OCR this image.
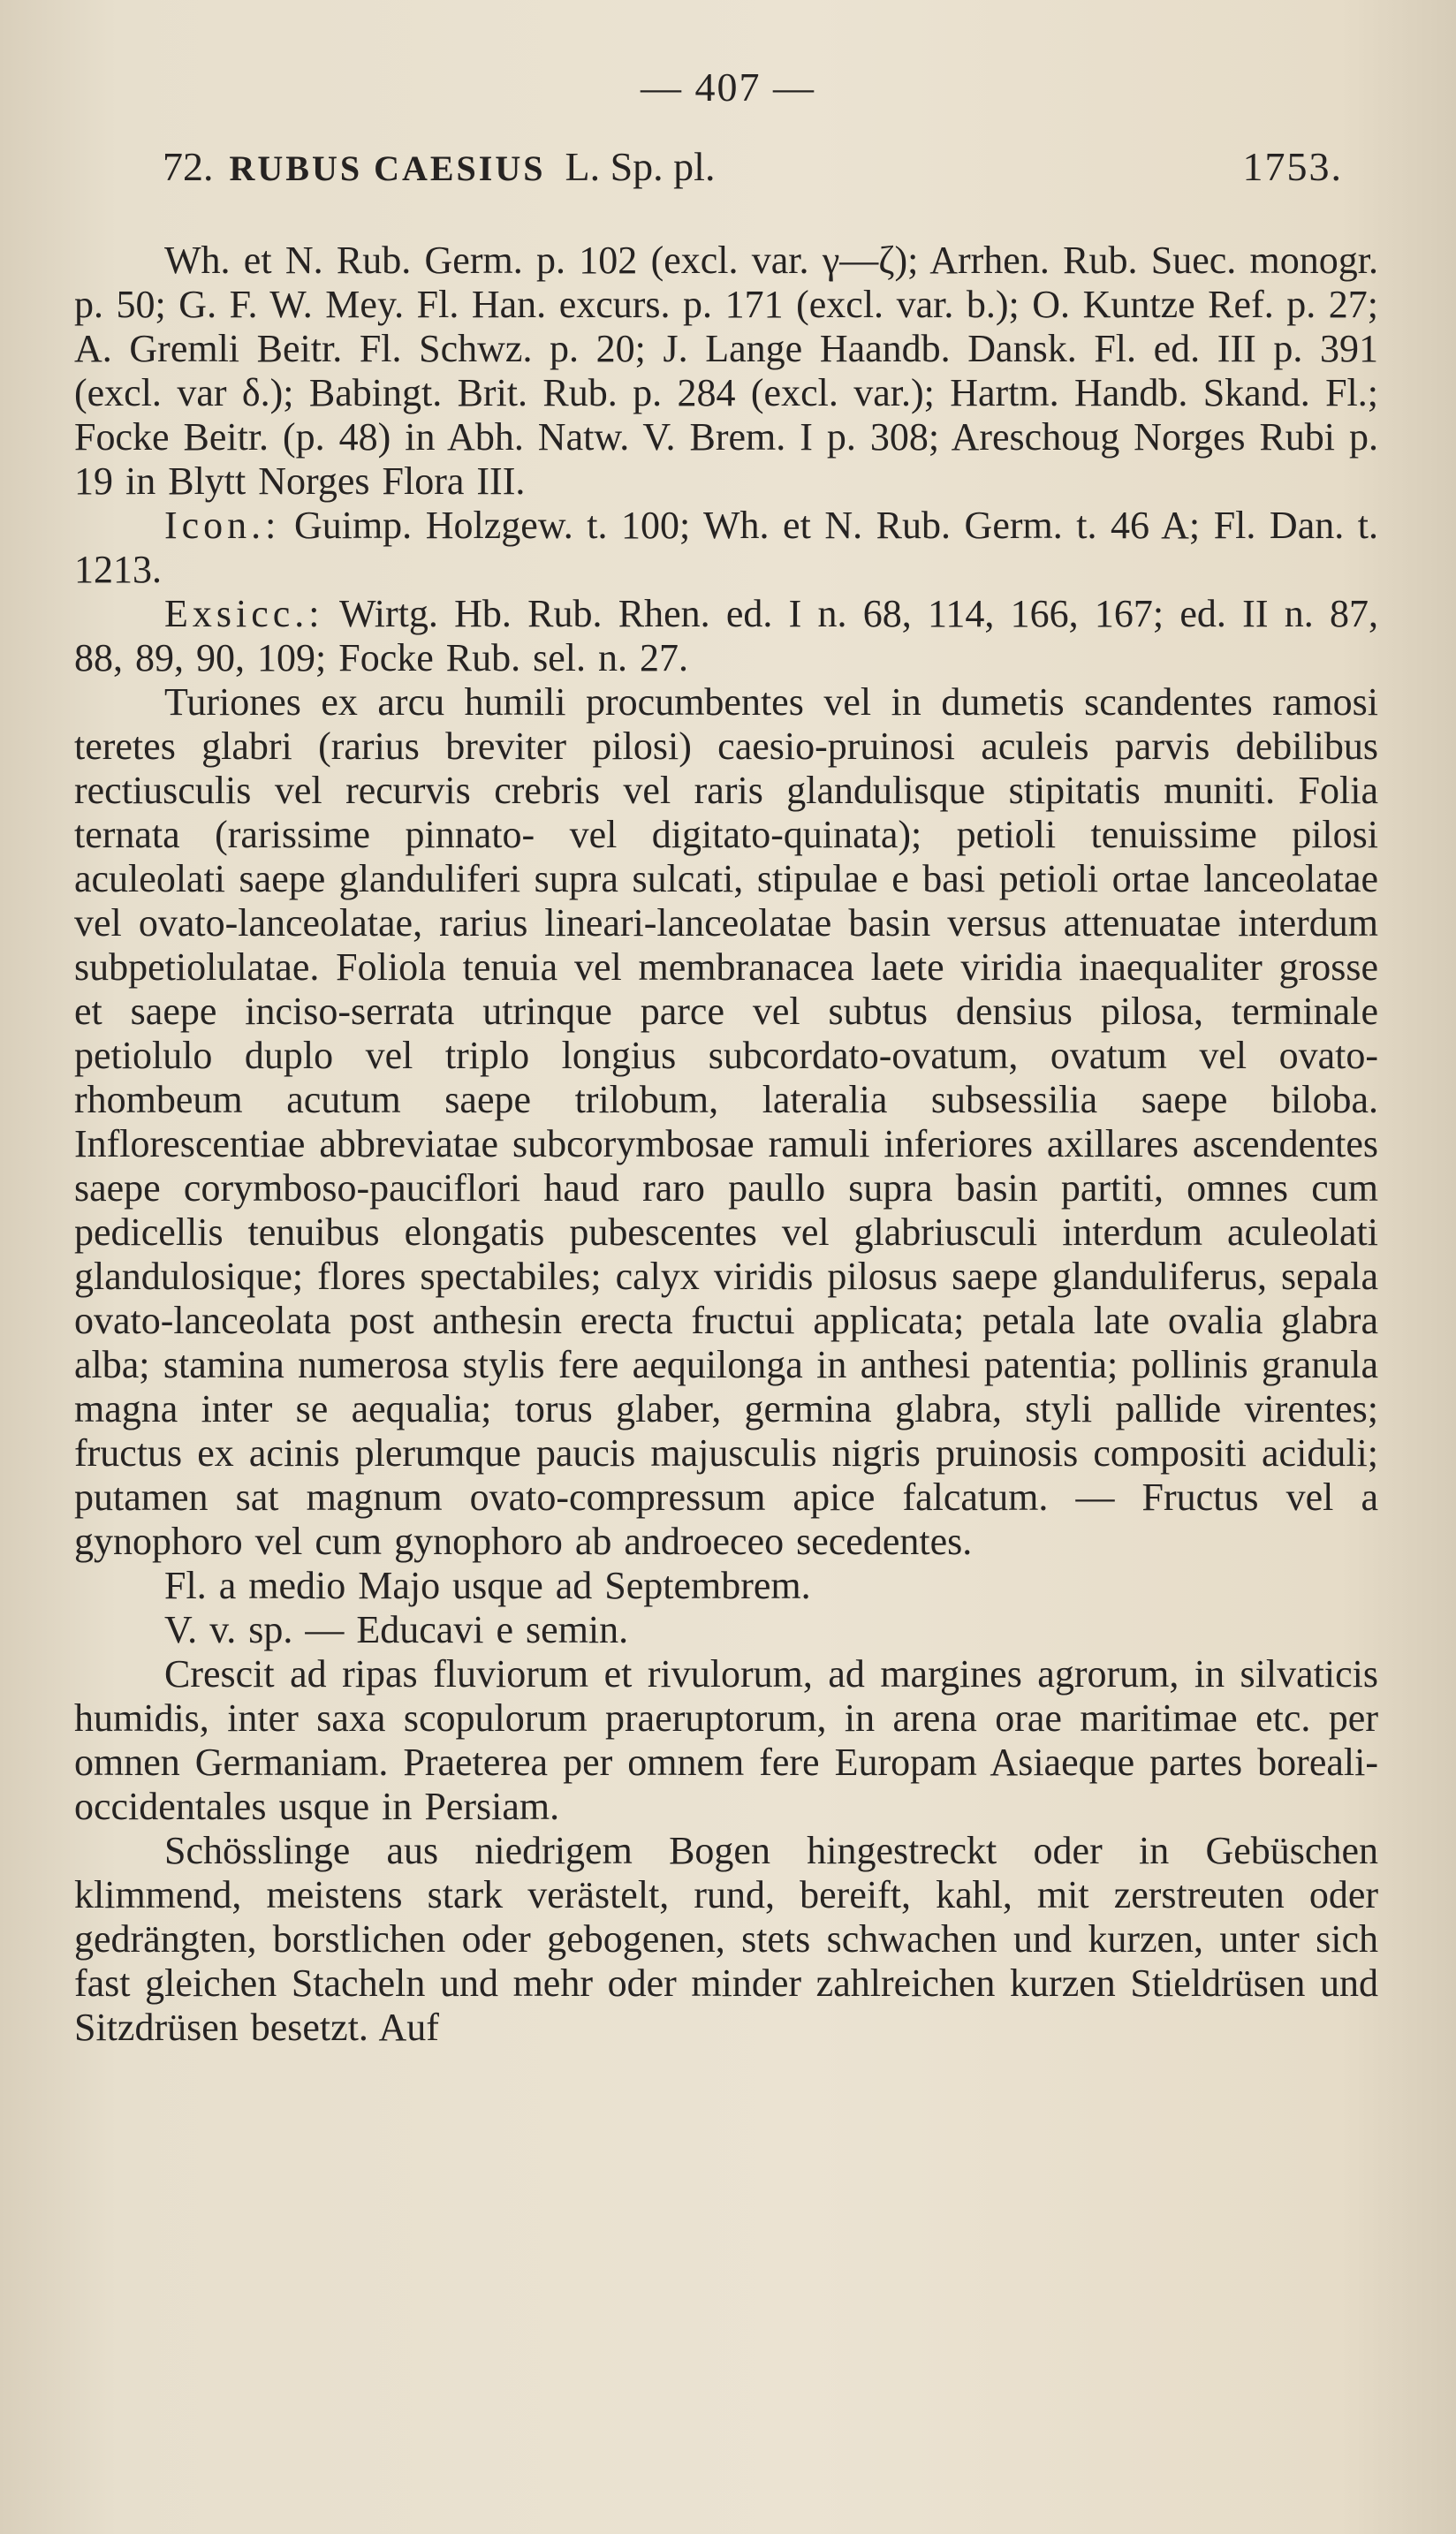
— 407 —
72. RUBUS CAESIUS L. Sp. pl.	1753.

Wh. et N. Rub. Germ. p. 102 (excl. var. γ—ζ); Arrhen. Rub. Suec. monogr. p. 50; G. F. W. Mey. Fl. Han. excurs. p. 171 (excl. var. b.); O. Kuntze Ref. p. 27; A. Gremli Beitr. Fl. Schwz. p. 20; J. Lange Haandb. Dansk. Fl. ed. III p. 391 (excl. var δ.); Babingt. Brit. Rub. p. 284 (excl. var.); Hartm. Handb. Skand. Fl.; Focke Beitr. (p. 48) in Abh. Natw. V. Brem. I p. 308; Areschoug Norges Rubi p. 19 in Blytt Norges Flora III.

Icon.: Guimp. Holzgew. t. 100; Wh. et N. Rub. Germ. t. 46 A; Fl. Dan. t. 1213.

Exsicc.: Wirtg. Hb. Rub. Rhen. ed. I n. 68, 114, 166, 167; ed. II n. 87, 88, 89, 90, 109; Focke Rub. sel. n. 27.

Turiones ex arcu humili procumbentes vel in dumetis scandentes ramosi teretes glabri (rarius breviter pilosi) caesio-pruinosi aculeis parvis debilibus rectiusculis vel recurvis crebris vel raris glandulisque stipitatis muniti. Folia ternata (rarissime pinnato- vel digitato-quinata); petioli tenuissime pilosi aculeolati saepe glanduliferi supra sulcati, stipulae e basi petioli ortae lanceolatae vel ovato-lanceolatae, rarius lineari-lanceolatae basin versus attenuatae interdum subpetiolulatae. Foliola tenuia vel membranacea laete viridia inaequaliter grosse et saepe inciso-serrata utrinque parce vel subtus densius pilosa, terminale petiolulo duplo vel triplo longius subcordato-ovatum, ovatum vel ovato-rhombeum acutum saepe trilobum, lateralia subsessilia saepe biloba. Inflorescentiae abbreviatae subcorymbosae ramuli inferiores axillares ascendentes saepe corymboso-pauciflori haud raro paullo supra basin partiti, omnes cum pedicellis tenuibus elongatis pubescentes vel glabriusculi interdum aculeolati glandulosique; flores spectabiles; calyx viridis pilosus saepe glanduliferus, sepala ovato-lanceolata post anthesin erecta fructui applicata; petala late ovalia glabra alba; stamina numerosa stylis fere aequilonga in anthesi patentia; pollinis granula magna inter se aequalia; torus glaber, germina glabra, styli pallide virentes; fructus ex acinis plerumque paucis majusculis nigris pruinosis compositi aciduli; putamen sat magnum ovato-compressum apice falcatum. — Fructus vel a gynophoro vel cum gynophoro ab androeceo secedentes.

Fl. a medio Majo usque ad Septembrem.

V. v. sp. — Educavi e semin.

Crescit ad ripas fluviorum et rivulorum, ad margines agrorum, in silvaticis humidis, inter saxa scopulorum praeruptorum, in arena orae maritimae etc. per omnen Germaniam. Praeterea per omnem fere Europam Asiaeque partes boreali-occidentales usque in Persiam.

Schösslinge aus niedrigem Bogen hingestreckt oder in Gebüschen klimmend, meistens stark verästelt, rund, bereift, kahl, mit zerstreuten oder gedrängten, borstlichen oder gebogenen, stets schwachen und kurzen, unter sich fast gleichen Stacheln und mehr oder minder zahlreichen kurzen Stieldrüsen und Sitzdrüsen besetzt. Auf
